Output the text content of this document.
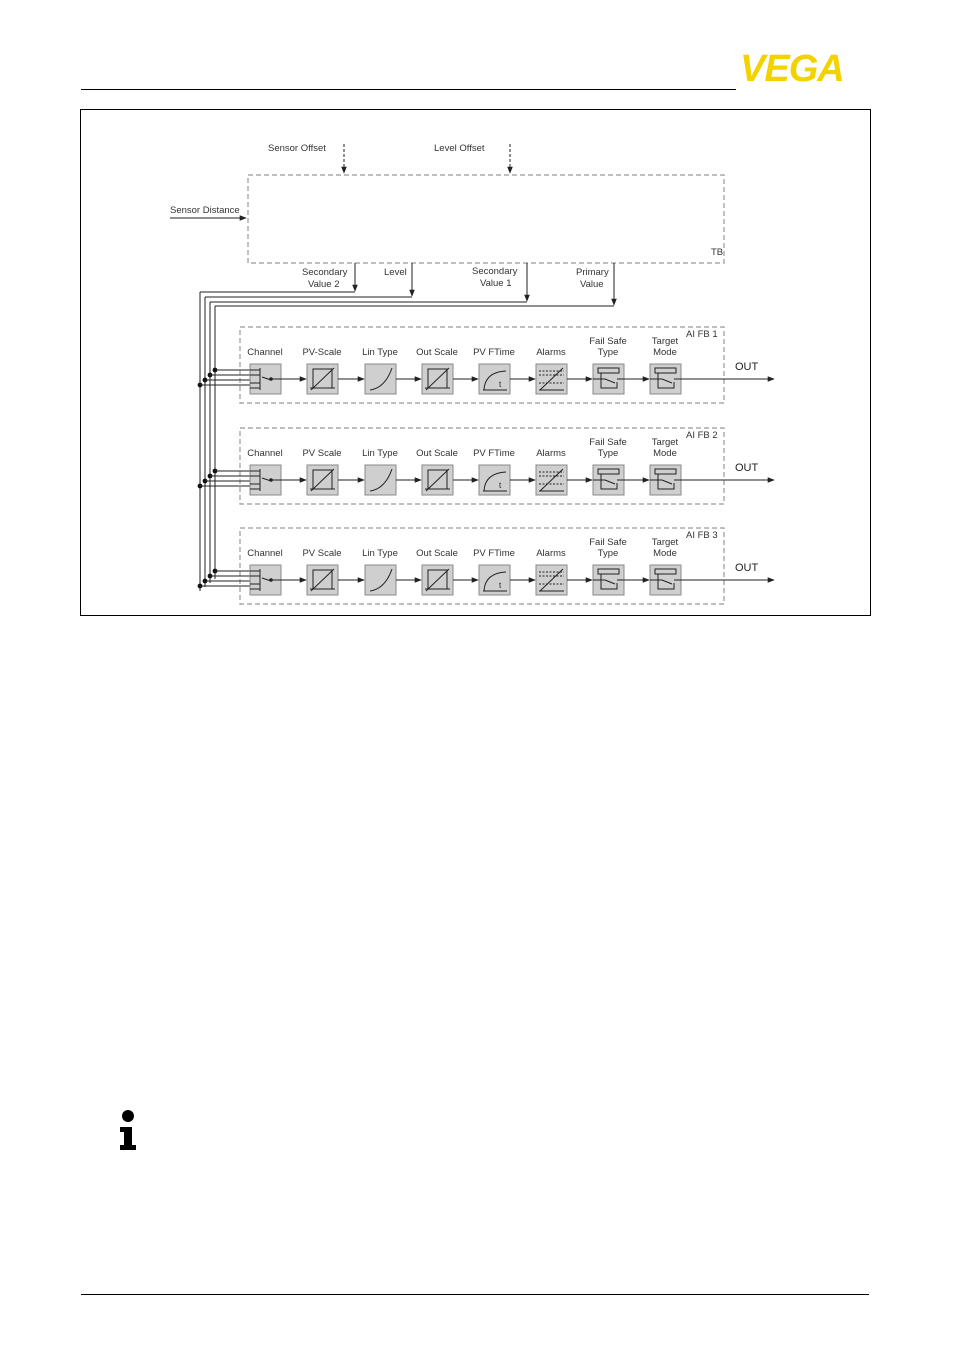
VEGA
TB
Sensor Offset	Level Offset
Sensor Distance
Secondary
Value 2
Level	Secondary
Value 1
Primary
Value
AI FB 1
Channel PV-Scale Lin Type Out Scale PV FTime
t
Alarms
Fail Safe
Type
Target
Mode
OUT
AI FB 2
Channel PV Scale Lin Type Out Scale PV FTime
t
Alarms
Fail Safe
Type
Target
Mode
OUT
AI FB 3
Channel PV Scale Lin Type Out Scale PV FTime
t
Alarms
Fail Safe
Type
Target
Mode
OUT
